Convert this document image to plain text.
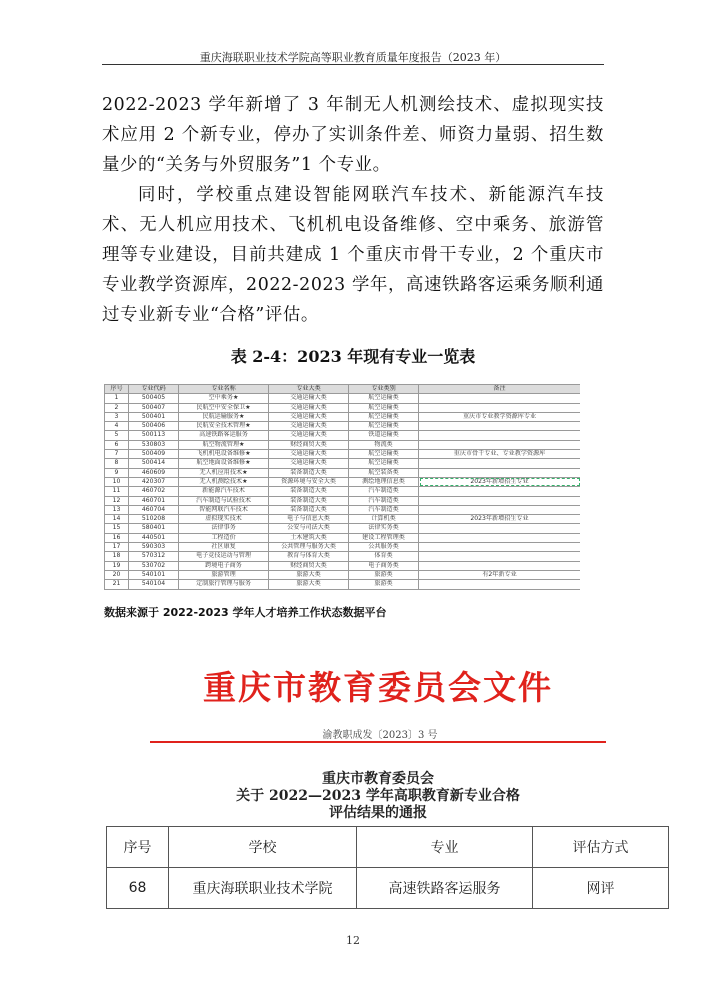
重庆海联职业技术学院高等职业教育质量年度报告（2023 年）

2022-2023 学年新增了 3 年制无人机测绘技术、虚拟现实技术应用 2 个新专业，停办了实训条件差、师资力量弱、招生数量少的“关务与外贸服务”1 个专业。

同时，学校重点建设智能网联汽车技术、新能源汽车技术、无人机应用技术、飞机机电设备维修、空中乘务、旅游管理等专业建设，目前共建成 1 个重庆市骨干专业，2 个重庆市专业教学资源库，2022-2023 学年，高速铁路客运乘务顺利通过专业新专业“合格”评估。

表 2-4：2023 年现有专业一览表
序号	专业代码	专业名称	专业大类	专业类别	备注
1	500405	空中乘务★	交通运输大类	航空运输类	
2	500407	民航空中安全保卫★	交通运输大类	航空运输类	
3	500401	民航运输服务★	交通运输大类	航空运输类	重庆市专业教学资源库专业
4	500406	民航安全技术管理★	交通运输大类	航空运输类	
5	500113	高速铁路客运服务	交通运输大类	铁道运输类	
6	530803	航空物流管理★	财经商贸大类	物流类	
7	500409	飞机机电设备维修★	交通运输大类	航空运输类	重庆市骨干专业、专业教学资源库
8	500414	航空地面设备维修★	交通运输大类	航空运输类	
9	460609	无人机应用技术★	装备制造大类	航空装备类	
10	420307	无人机测绘技术★	资源环境与安全大类	测绘地理信息类	2023年新增招生专业
11	460702	新能源汽车技术	装备制造大类	汽车制造类	
12	460701	汽车制造与试验技术	装备制造大类	汽车制造类	
13	460704	智能网联汽车技术	装备制造大类	汽车制造类	
14	510208	虚拟现实技术	电子与信息大类	计算机类	2023年新增招生专业
15	580401	法律事务	公安与司法大类	法律实务类	
16	440501	工程造价	土木建筑大类	建设工程管理类	
17	590303	社区康复	公共管理与服务大类	公共服务类	
18	570312	电子竞技运动与管理	教育与体育大类	体育类	
19	530702	跨境电子商务	财经商贸大类	电子商务类	
20	540101	旅游管理	旅游大类	旅游类	有2年新专业
21	540104	定制旅行管理与服务	旅游大类	旅游类	
数据来源于 2022-2023 学年人才培养工作状态数据平台
重庆市教育委员会文件
渝教职成发〔2023〕3 号
重庆市教育委员会
关于 2022—2023 学年高职教育新专业合格
评估结果的通报
序号	学校	专业	评估方式
68	重庆海联职业技术学院	高速铁路客运服务	网评
12
